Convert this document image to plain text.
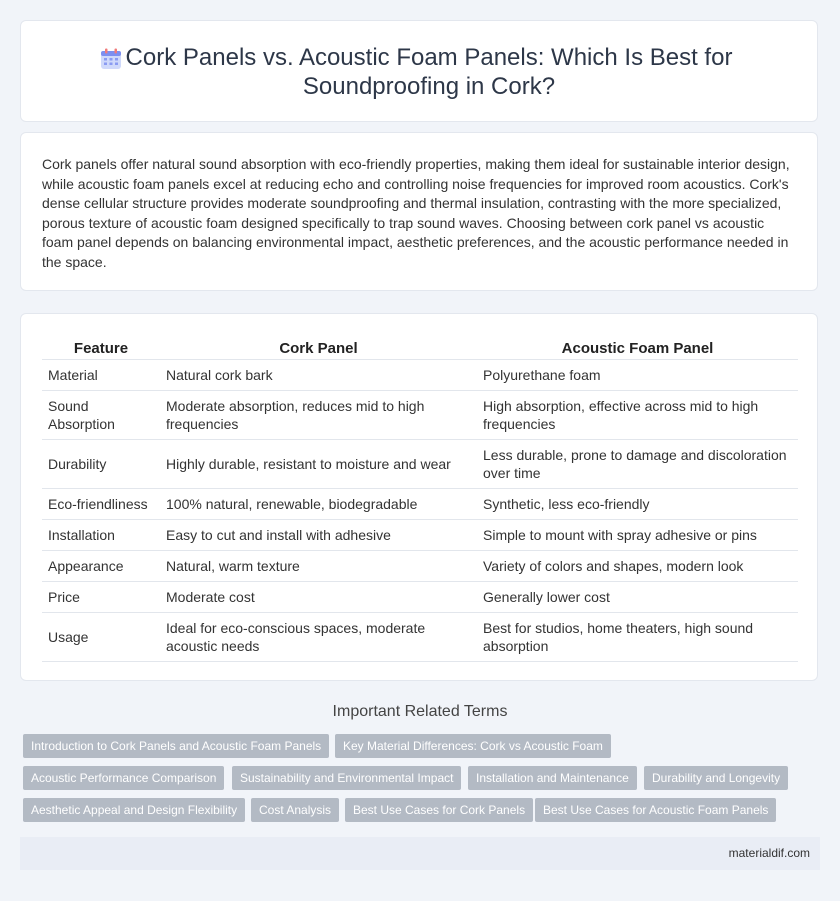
Cork Panels vs. Acoustic Foam Panels: Which Is Best for Soundproofing in Cork?

Cork panels offer natural sound absorption with eco-friendly properties, making them ideal for sustainable interior design, while acoustic foam panels excel at reducing echo and controlling noise frequencies for improved room acoustics. Cork's dense cellular structure provides moderate soundproofing and thermal insulation, contrasting with the more specialized, porous texture of acoustic foam designed specifically to trap sound waves. Choosing between cork panel vs acoustic foam panel depends on balancing environmental impact, aesthetic preferences, and the acoustic performance needed in the space.

Feature	Cork Panel	Acoustic Foam Panel
Material	Natural cork bark	Polyurethane foam
Sound Absorption	Moderate absorption, reduces mid to high frequencies	High absorption, effective across mid to high frequencies
Durability	Highly durable, resistant to moisture and wear	Less durable, prone to damage and discoloration over time
Eco-friendliness	100% natural, renewable, biodegradable	Synthetic, less eco-friendly
Installation	Easy to cut and install with adhesive	Simple to mount with spray adhesive or pins
Appearance	Natural, warm texture	Variety of colors and shapes, modern look
Price	Moderate cost	Generally lower cost
Usage	Ideal for eco-conscious spaces, moderate acoustic needs	Best for studios, home theaters, high sound absorption
Important Related Terms
Introduction to Cork Panels and Acoustic Foam Panels	Key Material Differences: Cork vs Acoustic Foam
Acoustic Performance Comparison	Sustainability and Environmental Impact	Installation and Maintenance	Durability and Longevity
Aesthetic Appeal and Design Flexibility	Cost Analysis	Best Use Cases for Cork Panels	Best Use Cases for Acoustic Foam Panels
materialdif.com
